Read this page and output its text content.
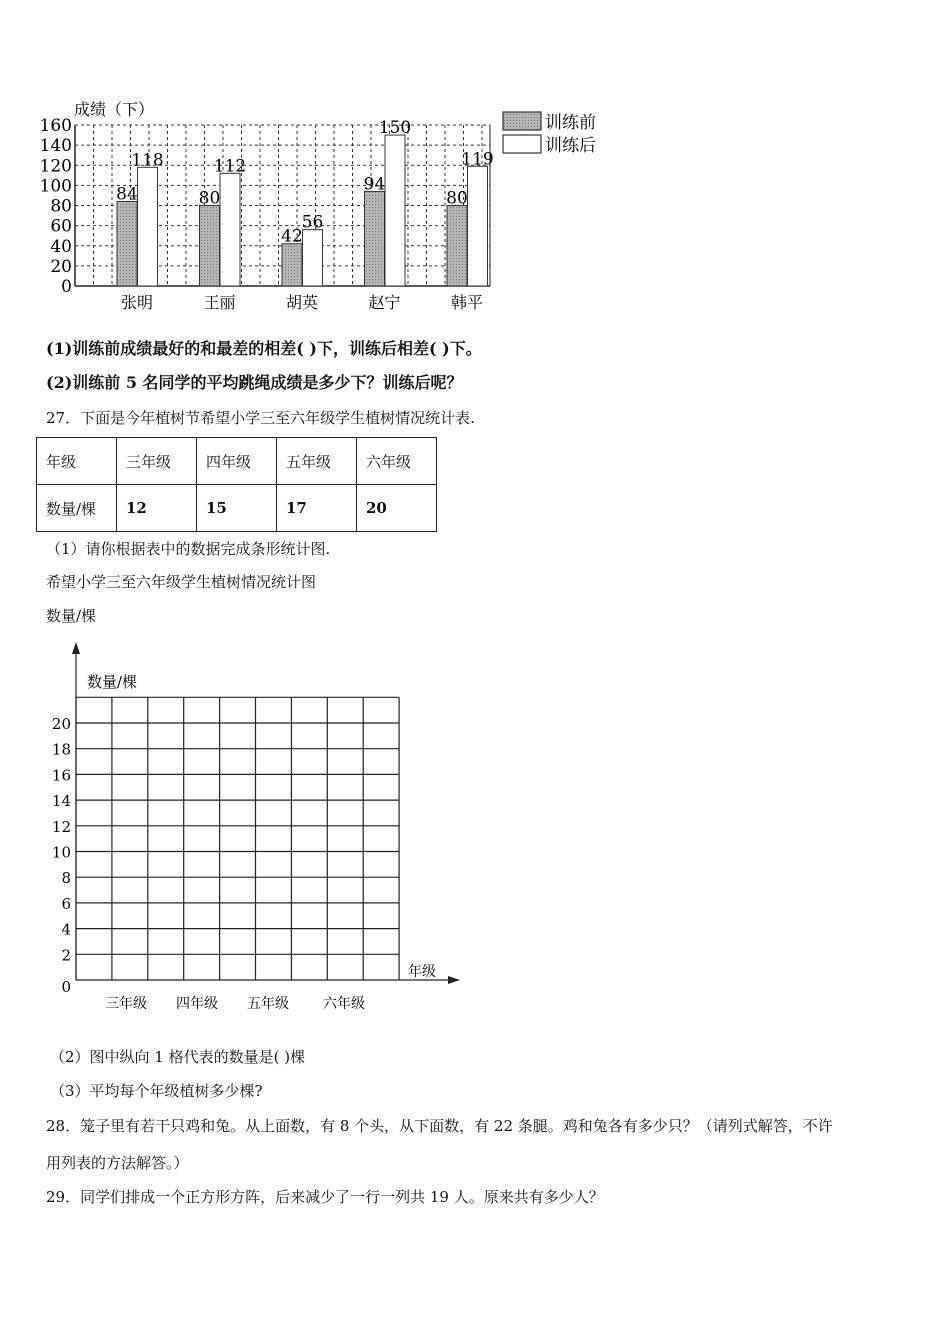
0
20
40
60
80
100
120
140
160
成绩（下）
84
118
张明
80
112
王丽
42
56
胡英
94
150
赵宁
80
119
韩平
训练前
训练后
(1)训练前成绩最好的和最差的相差( )下，训练后相差( )下。
(2)训练前 5 名同学的平均跳绳成绩是多少下？训练后呢？
27．下面是今年植树节希望小学三至六年级学生植树情况统计表.
年级	三年级	四年级	五年级	六年级
数量/棵	12	15	17	20
（1）请你根据表中的数据完成条形统计图.
希望小学三至六年级学生植树情况统计图
数量/棵
数量/棵
年级
0
2
4
6
8
10
12
14
16
18
20
三年级 四年级 五年级 六年级
（2）图中纵向 1 格代表的数量是( )棵
（3）平均每个年级植树多少棵?
28．笼子里有若干只鸡和兔。从上面数，有 8 个头，从下面数，有 22 条腿。鸡和兔各有多少只？（请列式解答，不许
用列表的方法解答。）
29．同学们排成一个正方形方阵，后来减少了一行一列共 19 人。原来共有多少人？
